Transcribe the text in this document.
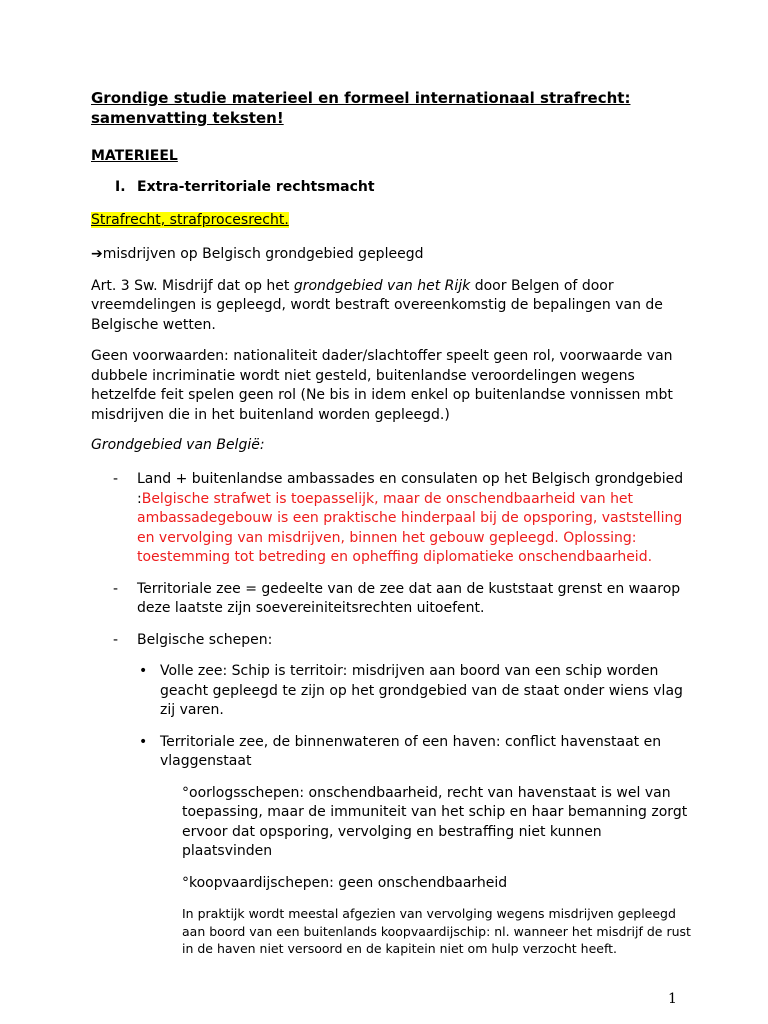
Grondige studie materieel en formeel internationaal strafrecht: samenvatting teksten!

MATERIEEL

I. Extra-territoriale rechtsmacht

Strafrecht, strafprocesrecht.

➔misdrijven op Belgisch grondgebied gepleegd

Art. 3 Sw. Misdrijf dat op het grondgebied van het Rijk door Belgen of door vreemdelingen is gepleegd, wordt bestraft overeenkomstig de bepalingen van de Belgische wetten.

Geen voorwaarden: nationaliteit dader/slachtoffer speelt geen rol, voorwaarde van dubbele incriminatie wordt niet gesteld, buitenlandse veroordelingen wegens hetzelfde feit spelen geen rol (Ne bis in idem enkel op buitenlandse vonnissen mbt misdrijven die in het buitenland worden gepleegd.)

Grondgebied van België:

- Land + buitenlandse ambassades en consulaten op het Belgisch grondgebied :Belgische strafwet is toepasselijk, maar de onschendbaarheid van het ambassadegebouw is een praktische hinderpaal bij de opsporing, vaststelling en vervolging van misdrijven, binnen het gebouw gepleegd. Oplossing: toestemming tot betreding en opheffing diplomatieke onschendbaarheid.
- Territoriale zee = gedeelte van de zee dat aan de kuststaat grenst en waarop deze laatste zijn soevereiniteitsrechten uitoefent.
- Belgische schepen:
• Volle zee: Schip is territoir: misdrijven aan boord van een schip worden geacht gepleegd te zijn op het grondgebied van de staat onder wiens vlag zij varen.
• Territoriale zee, de binnenwateren of een haven: conflict havenstaat en vlaggenstaat

°oorlogsschepen: onschendbaarheid, recht van havenstaat is wel van toepassing, maar de immuniteit van het schip en haar bemanning zorgt ervoor dat opsporing, vervolging en bestraffing niet kunnen plaatsvinden

°koopvaardijschepen: geen onschendbaarheid

In praktijk wordt meestal afgezien van vervolging wegens misdrijven gepleegd aan boord van een buitenlands koopvaardijschip: nl. wanneer het misdrijf de rust in de haven niet versoord en de kapitein niet om hulp verzocht heeft.

1
